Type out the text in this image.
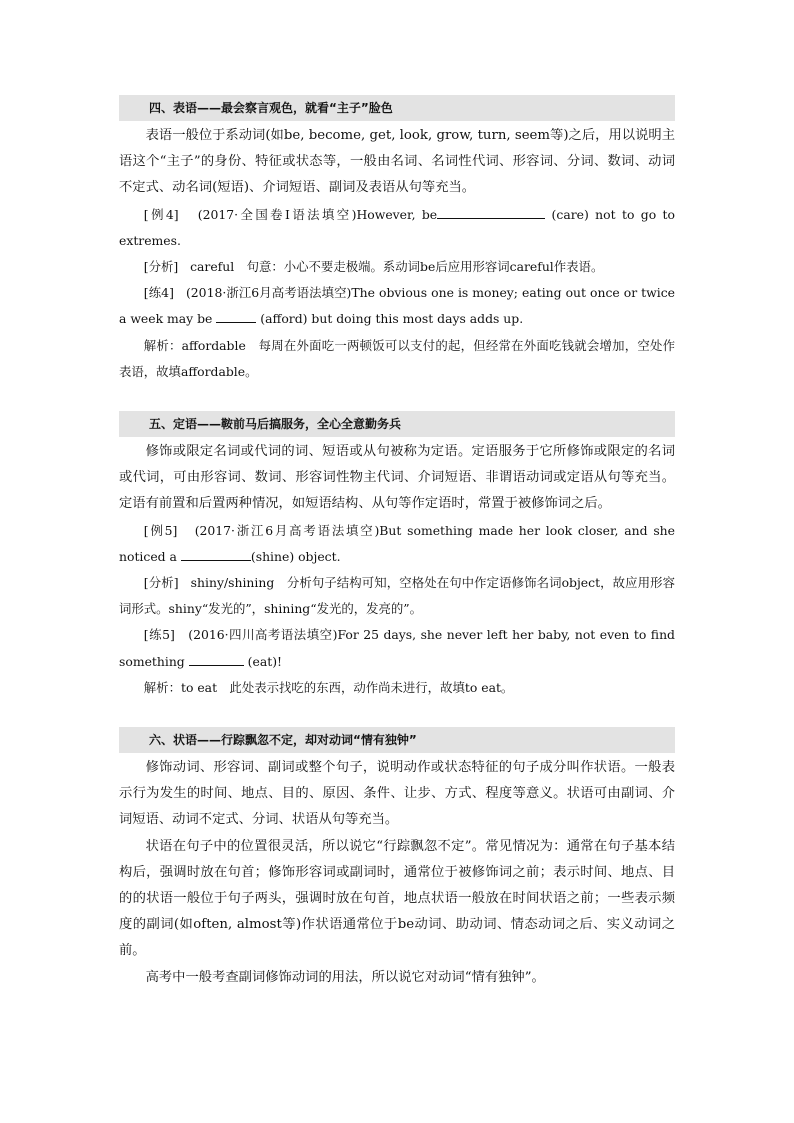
四、表语——最会察言观色，就看“主子”脸色

表语一般位于系动词(如be, become, get, look, grow, turn, seem等)之后，用以说明主语这个“主子”的身份、特征或状态等，一般由名词、名词性代词、形容词、分词、数词、动词不定式、动名词(短语)、介词短语、副词及表语从句等充当。

[例4] (2017·全国卷Ⅰ语法填空)However, be	(care) not to go to extremes.

[分析] careful　句意：小心不要走极端。系动词be后应用形容词careful作表语。

[练4] (2018·浙江6月高考语法填空)The obvious one is money; eating out once or twice a week may be	(afford) but doing this most days adds up.

解析：affordable　每周在外面吃一两顿饭可以支付的起，但经常在外面吃钱就会增加，空处作表语，故填affordable。

五、定语——鞍前马后搞服务，全心全意勤务兵

修饰或限定名词或代词的词、短语或从句被称为定语。定语服务于它所修饰或限定的名词或代词，可由形容词、数词、形容词性物主代词、介词短语、非谓语动词或定语从句等充当。定语有前置和后置两种情况，如短语结构、从句等作定语时，常置于被修饰词之后。

[例5] (2017·浙江6月高考语法填空)But something made her look closer, and she noticed a	(shine) object.

[分析] shiny/shining　分析句子结构可知，空格处在句中作定语修饰名词object，故应用形容词形式。shiny“发光的”，shining“发光的，发亮的”。

[练5] (2016·四川高考语法填空)For 25 days, she never left her baby, not even to find something	(eat)!

解析：to eat　此处表示找吃的东西，动作尚未进行，故填to eat。

六、状语——行踪飘忽不定，却对动词“情有独钟”

修饰动词、形容词、副词或整个句子，说明动作或状态特征的句子成分叫作状语。一般表示行为发生的时间、地点、目的、原因、条件、让步、方式、程度等意义。状语可由副词、介词短语、动词不定式、分词、状语从句等充当。

状语在句子中的位置很灵活，所以说它“行踪飘忽不定”。常见情况为：通常在句子基本结构后，强调时放在句首；修饰形容词或副词时，通常位于被修饰词之前；表示时间、地点、目的的状语一般位于句子两头，强调时放在句首，地点状语一般放在时间状语之前；一些表示频度的副词(如often, almost等)作状语通常位于be动词、助动词、情态动词之后、实义动词之前。

高考中一般考查副词修饰动词的用法，所以说它对动词“情有独钟”。
